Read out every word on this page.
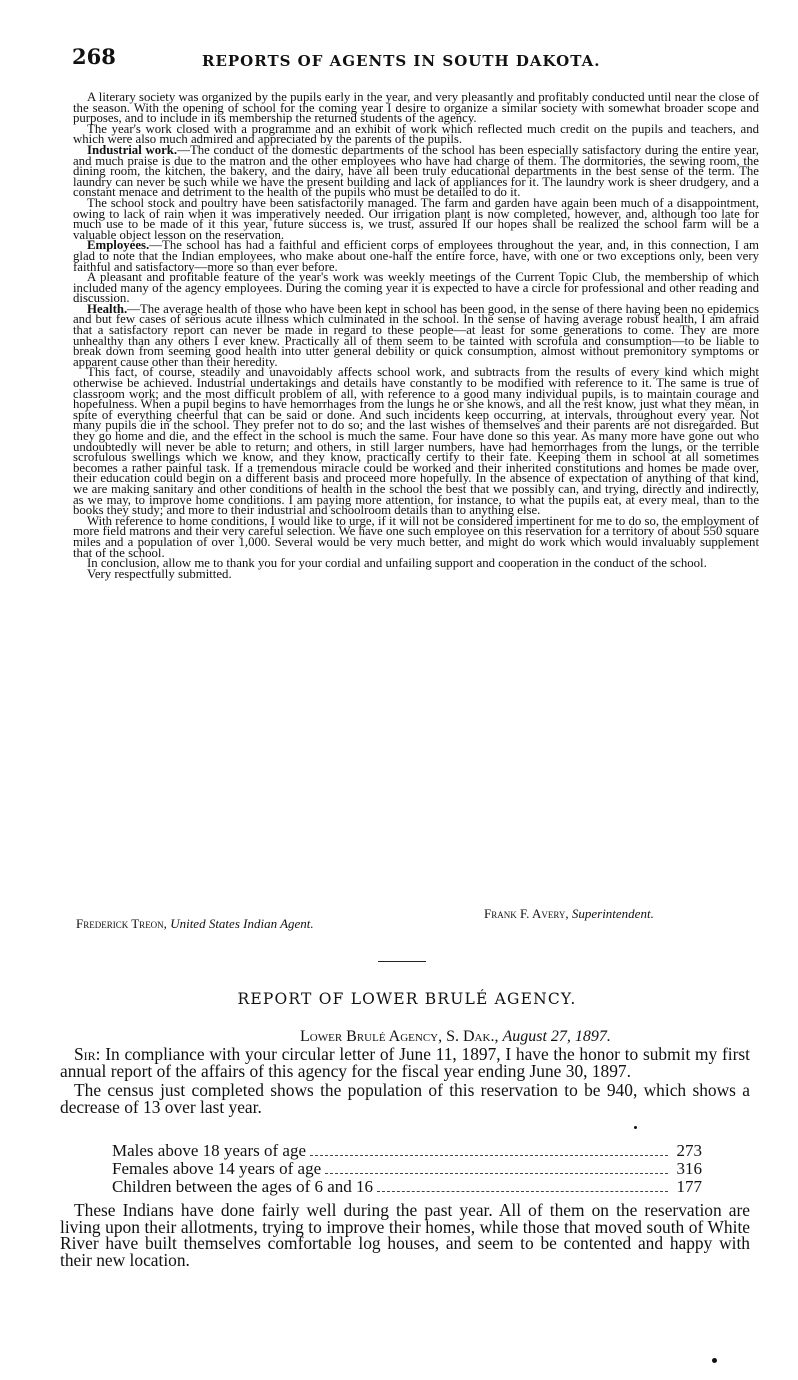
268	REPORTS OF AGENTS IN SOUTH DAKOTA.

A literary society was organized by the pupils early in the year, and very pleasantly and profitably conducted until near the close of the season. With the opening of school for the coming year I desire to organize a similar society with somewhat broader scope and purposes, and to include in its membership the returned students of the agency.

The year's work closed with a programme and an exhibit of work which reflected much credit on the pupils and teachers, and which were also much admired and appreciated by the parents of the pupils.

Industrial work.—The conduct of the domestic departments of the school has been especially satisfactory during the entire year, and much praise is due to the matron and the other employees who have had charge of them. The dormitories, the sewing room, the dining room, the kitchen, the bakery, and the dairy, have all been truly educational departments in the best sense of the term. The laundry can never be such while we have the present building and lack of appliances for it. The laundry work is sheer drudgery, and a constant menace and detriment to the health of the pupils who must be detailed to do it.

The school stock and poultry have been satisfactorily managed. The farm and garden have again been much of a disappointment, owing to lack of rain when it was imperatively needed. Our irrigation plant is now completed, however, and, although too late for much use to be made of it this year, future success is, we trust, assured If our hopes shall be realized the school farm will be a valuable object lesson on the reservation.

Employees.—The school has had a faithful and efficient corps of employees throughout the year, and, in this connection, I am glad to note that the Indian employees, who make about one-half the entire force, have, with one or two exceptions only, been very faithful and satisfactory—more so than ever before.

A pleasant and profitable feature of the year's work was weekly meetings of the Current Topic Club, the membership of which included many of the agency employees. During the coming year it is expected to have a circle for professional and other reading and discussion.

Health.—The average health of those who have been kept in school has been good, in the sense of there having been no epidemics and but few cases of serious acute illness which culminated in the school. In the sense of having average robust health, I am afraid that a satisfactory report can never be made in regard to these people—at least for some generations to come. They are more unhealthy than any others I ever knew. Practically all of them seem to be tainted with scrofula and consumption—to be liable to break down from seeming good health into utter general debility or quick consumption, almost without premonitory symptoms or apparent cause other than their heredity.

This fact, of course, steadily and unavoidably affects school work, and subtracts from the results of every kind which might otherwise be achieved. Industrial undertakings and details have constantly to be modified with reference to it. The same is true of classroom work; and the most difficult problem of all, with reference to a good many individual pupils, is to maintain courage and hopefulness. When a pupil begins to have hemorrhages from the lungs he or she knows, and all the rest know, just what they mean, in spite of everything cheerful that can be said or done. And such incidents keep occurring, at intervals, throughout every year. Not many pupils die in the school. They prefer not to do so; and the last wishes of themselves and their parents are not disregarded. But they go home and die, and the effect in the school is much the same. Four have done so this year. As many more have gone out who undoubtedly will never be able to return; and others, in still larger numbers, have had hemorrhages from the lungs, or the terrible scrofulous swellings which we know, and they know, practically certify to their fate. Keeping them in school at all sometimes becomes a rather painful task. If a tremendous miracle could be worked and their inherited constitutions and homes be made over, their education could begin on a different basis and proceed more hopefully. In the absence of expectation of anything of that kind, we are making sanitary and other conditions of health in the school the best that we possibly can, and trying, directly and indirectly, as we may, to improve home conditions. I am paying more attention, for instance, to what the pupils eat, at every meal, than to the books they study; and more to their industrial and schoolroom details than to anything else.

With reference to home conditions, I would like to urge, if it will not be considered impertinent for me to do so, the employment of more field matrons and their very careful selection. We have one such employee on this reservation for a territory of about 550 square miles and a population of over 1,000. Several would be very much better, and might do work which would invaluably supplement that of the school.

In conclusion, allow me to thank you for your cordial and unfailing support and cooperation in the conduct of the school.

Very respectfully submitted.

Frank F. Avery, Superintendent.
Frederick Treon, United States Indian Agent.
REPORT OF LOWER BRULÉ AGENCY.
Lower Brulé Agency, S. Dak., August 27, 1897.

Sir: In compliance with your circular letter of June 11, 1897, I have the honor to submit my first annual report of the affairs of this agency for the fiscal year ending June 30, 1897.

The census just completed shows the population of this reservation to be 940, which shows a decrease of 13 over last year.

Males above 18 years of age	273
Females above 14 years of age	316
Children between the ages of 6 and 16	177

These Indians have done fairly well during the past year. All of them on the reservation are living upon their allotments, trying to improve their homes, while those that moved south of White River have built themselves comfortable log houses, and seem to be contented and happy with their new location.
